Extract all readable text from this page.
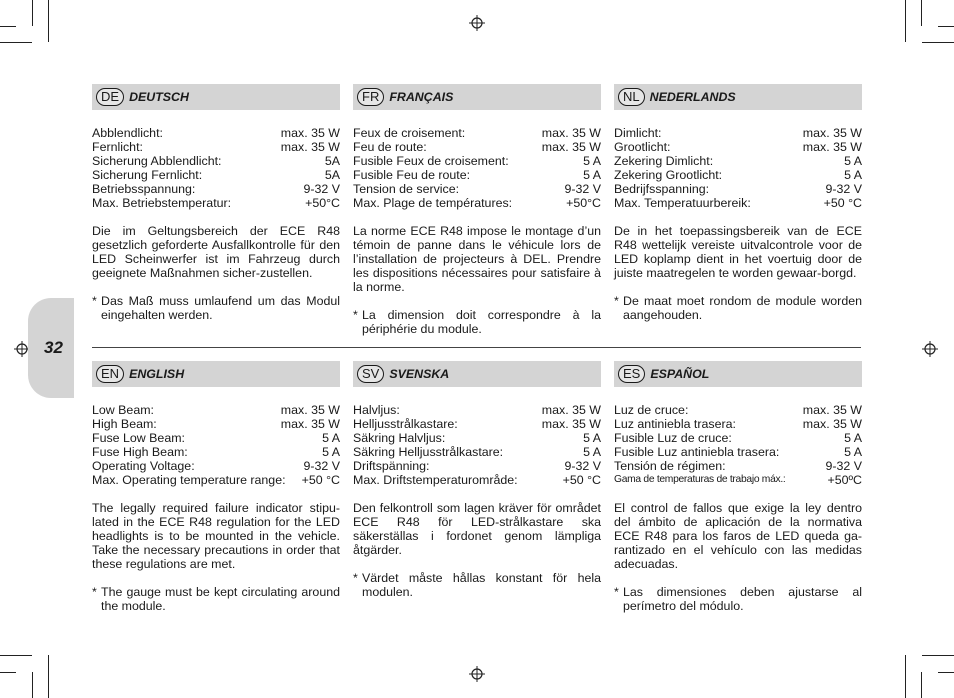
32
DE DEUTSCH
Abblendlicht:	max. 35 W
Fernlicht:	max. 35 W
Sicherung Abblendlicht:	5A
Sicherung Fernlicht:	5A
Betriebsspannung:	9-32 V
Max. Betriebstemperatur:	+50°C
Die im Geltungsbereich der ECE R48 gesetzlich geforderte Ausfallkontrolle für den LED Scheinwerfer ist im Fahrzeug durch geeignete Maßnahmen sicher-zustellen.
* Das Maß muss umlaufend um das Modul eingehalten werden.
FR FRANÇAIS
Feux de croisement:	max. 35 W
Feu de route:	max. 35 W
Fusible Feux de croisement:	5 A
Fusible Feu de route:	5 A
Tension de service:	9-32 V
Max. Plage de températures:	+50°C
La norme ECE R48 impose le montage d’un témoin de panne dans le véhicule lors de l’installation de projecteurs à DEL. Prendre les dispositions nécessaires pour satisfaire à la norme.
* La dimension doit correspondre à la périphérie du module.
NL NEDERLANDS
Dimlicht:	max. 35 W
Grootlicht:	max. 35 W
Zekering Dimlicht:	5 A
Zekering Grootlicht:	5 A
Bedrijfsspanning:	9-32 V
Max. Temperatuurbereik:	+50 °C
De in het toepassingsbereik van de ECE R48 wettelijk vereiste uitvalcontrole voor de LED koplamp dient in het voertuig door de juiste maatregelen te worden gewaar-borgd.
* De maat moet rondom de module worden aangehouden.
EN ENGLISH
Low Beam:	max. 35 W
High Beam:	max. 35 W
Fuse Low Beam:	5 A
Fuse High Beam:	5 A
Operating Voltage:	9-32 V
Max. Operating temperature range: +50 °C
The legally required failure indicator stipu-lated in the ECE R48 regulation for the LED headlights is to be mounted in the vehicle. Take the necessary precautions in order that these regulations are met.
* The gauge must be kept circulating around the module.
SV SVENSKA
Halvljus:	max. 35 W
Helljusstrålkastare:	max. 35 W
Säkring Halvljus:	5 A
Säkring Helljusstrålkastare:	5 A
Driftspänning:	9-32 V
Max. Driftstemperaturområde:	+50 °C
Den felkontroll som lagen kräver för området ECE R48 för LED-strålkastare ska säkerställas i fordonet genom lämpliga åtgärder.
* Värdet måste hållas konstant för hela modulen.
ES ESPAÑOL
Luz de cruce:	max. 35 W
Luz antiniebla trasera:	max. 35 W
Fusible Luz de cruce:	5 A
Fusible Luz antiniebla trasera:	5 A
Tensión de régimen:	9-32 V
Gama de temperaturas de trabajo máx.:	+50ºC
El control de fallos que exige la ley dentro del ámbito de aplicación de la normativa ECE R48 para los faros de LED queda ga-rantizado en el vehículo con las medidas adecuadas.
* Las dimensiones deben ajustarse al perímetro del módulo.
